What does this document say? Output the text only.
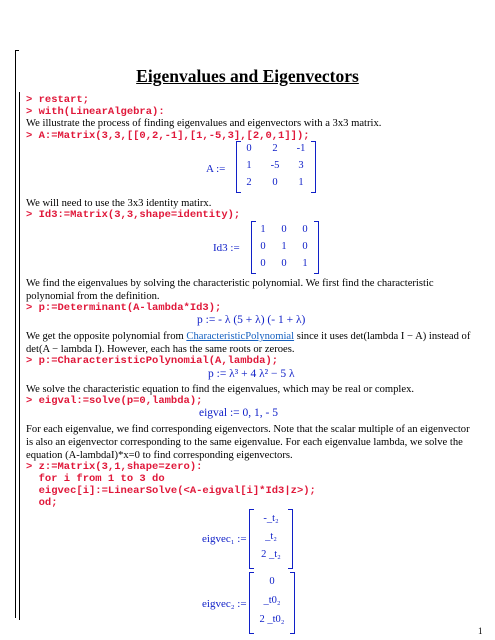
Eigenvalues and Eigenvectors
> restart;
> with(LinearAlgebra):
We illustrate the process of finding eigenvalues and eigenvectors with a 3x3 matrix.
> A:=Matrix(3,3,[[0,2,-1],[1,-5,3],[2,0,1]]);
A :=
0	2	-1
1	-5	3
2	0	1
We will need to use the 3x3 identity matirx.
> Id3:=Matrix(3,3,shape=identity);
Id3 :=
1	0	0
0	1	0
0	0	1
We find the eigenvalues by solving the characteristic polynomial. We first find the characteristic
polynomial from the definition.
> p:=Determinant(A-lambda*Id3);
p := - λ (5 + λ) (- 1 + λ)
We get the opposite polynomial from CharacteristicPolynomial since it uses det(lambda I − A) instead of
det(A − lambda I). However, each has the same roots or zeroes.
> p:=CharacteristicPolynomial(A,lambda);
p := λ³ + 4 λ² − 5 λ
We solve the characteristic equation to find the eigenvalues, which may be real or complex.
> eigval:=solve(p=0,lambda);
eigval := 0, 1, - 5
For each eigenvalue, we find corresponding eigenvectors. Note that the scalar multiple of an eigenvector
is also an eigenvector corresponding to the same eigenvalue. For each eigenvalue lambda, we solve the
equation (A-lambdaI)*x=0 to find corresponding eigenvectors.
> z:=Matrix(3,1,shape=zero):
for i from 1 to 3 do
eigvec[i]:=LinearSolve(<A-eigval[i]*Id3|z>);
od;
eigvec₁ :=
-_t₂
_t₂
2 _t₂
eigvec₂ :=
0
_t0₂
2 _t0₂
1
